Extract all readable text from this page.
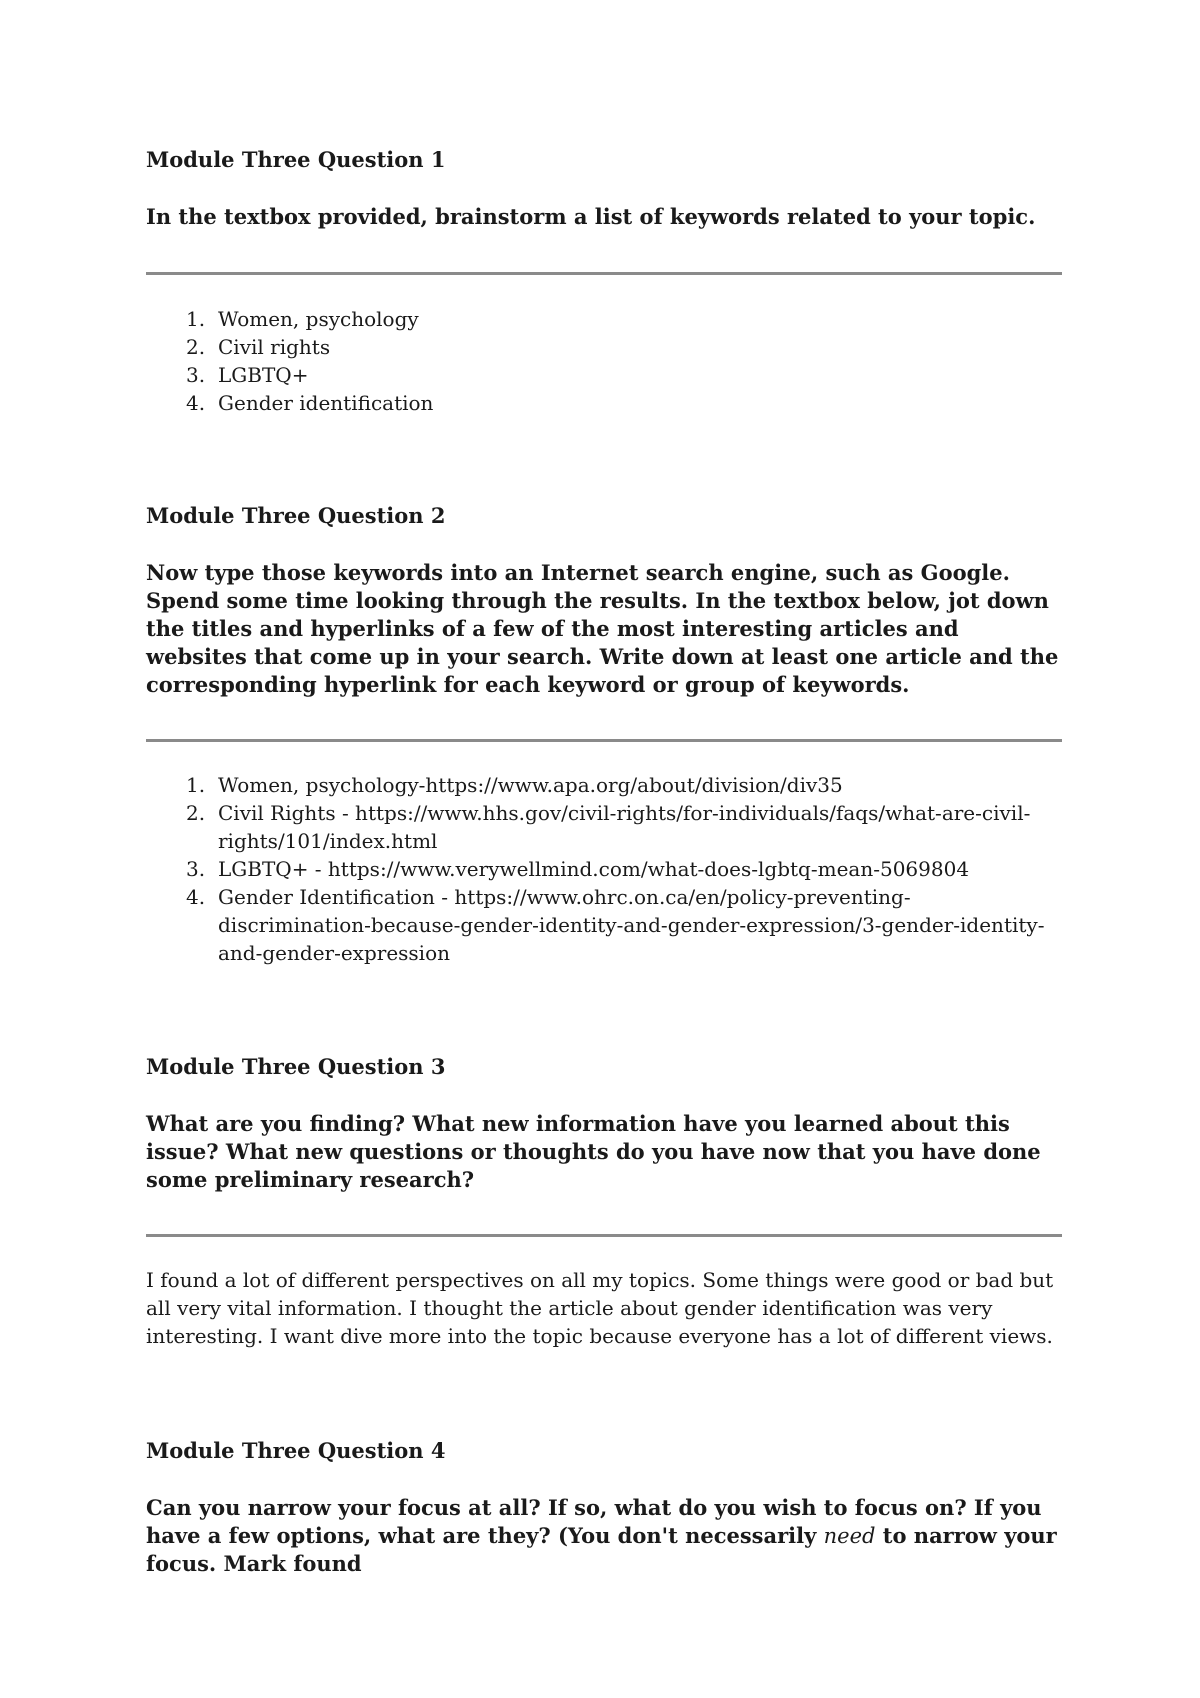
Module Three Question 1

In the textbox provided, brainstorm a list of keywords related to your topic.

1. Women, psychology
2. Civil rights
3. LGBTQ+
4. Gender identification
Module Three Question 2

Now type those keywords into an Internet search engine, such as Google. Spend some time looking through the results. In the textbox below, jot down the titles and hyperlinks of a few of the most interesting articles and websites that come up in your search. Write down at least one article and the corresponding hyperlink for each keyword or group of keywords.

1. Women, psychology-https://www.apa.org/about/division/div35
2. Civil Rights - https://www.hhs.gov/civil-rights/for-individuals/faqs/what-are-civil-rights/101/index.html
3. LGBTQ+ - https://www.verywellmind.com/what-does-lgbtq-mean-5069804
4. Gender Identification - https://www.ohrc.on.ca/en/policy-preventing-discrimination-because-gender-identity-and-gender-expression/3-gender-identity-and-gender-expression
Module Three Question 3

What are you finding? What new information have you learned about this issue? What new questions or thoughts do you have now that you have done some preliminary research?

I found a lot of different perspectives on all my topics. Some things were good or bad but all very vital information. I thought the article about gender identification was very interesting. I want dive more into the topic because everyone has a lot of different views.

Module Three Question 4

Can you narrow your focus at all? If so, what do you wish to focus on? If you have a few options, what are they? (You don't necessarily need to narrow your focus. Mark found
